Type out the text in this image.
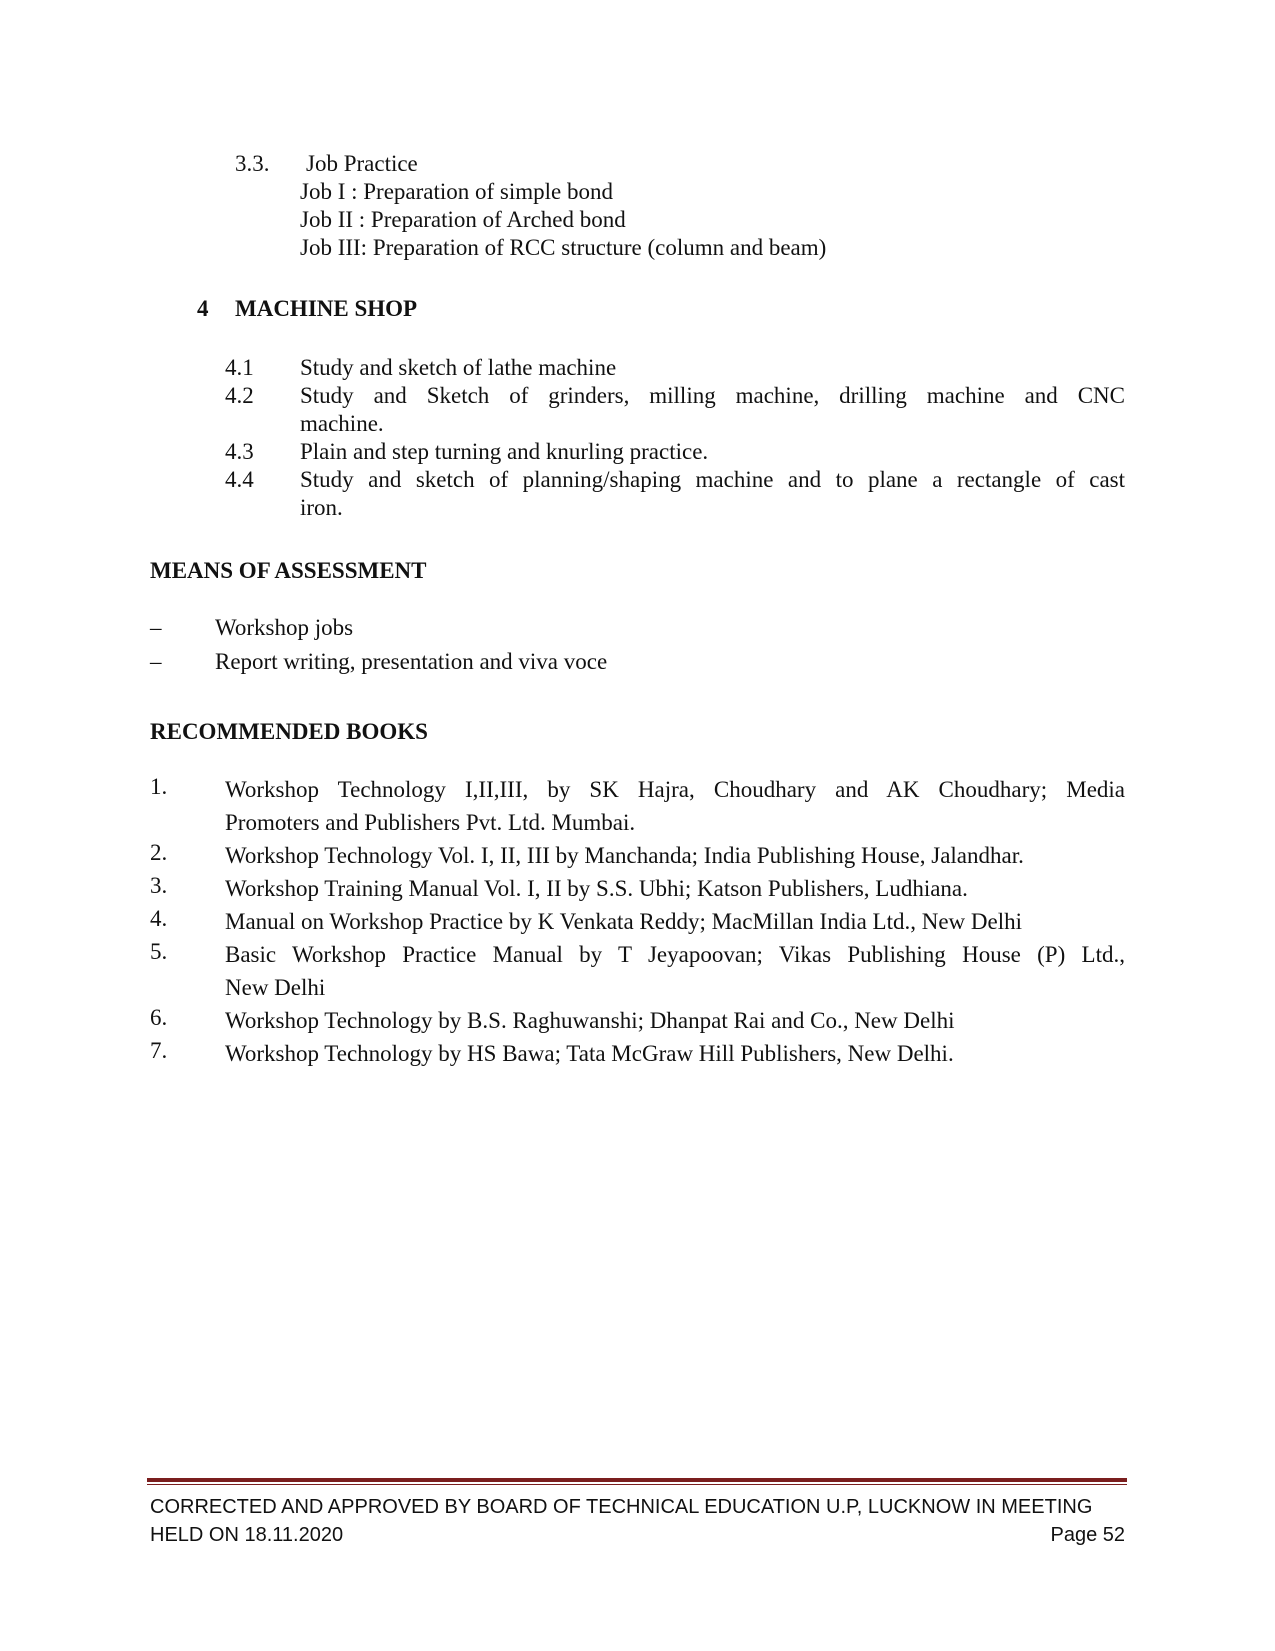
3.3. Job Practice
Job I : Preparation of simple bond
Job II : Preparation of Arched bond
Job III: Preparation of RCC structure (column and beam)
4 MACHINE SHOP
4.1 Study and sketch of lathe machine
4.2 Study and Sketch of grinders, milling machine, drilling machine and CNC
machine.
4.3 Plain and step turning and knurling practice.
4.4 Study and sketch of planning/shaping machine and to plane a rectangle of cast
iron.
MEANS OF ASSESSMENT
– Workshop jobs
– Report writing, presentation and viva voce
RECOMMENDED BOOKS
1.	Workshop Technology I,II,III, by SK Hajra, Choudhary and AK Choudhary; Media
Promoters and Publishers Pvt. Ltd. Mumbai.
2.	Workshop Technology Vol. I, II, III by Manchanda; India Publishing House, Jalandhar.
3.	Workshop Training Manual Vol. I, II by S.S. Ubhi; Katson Publishers, Ludhiana.
4.	Manual on Workshop Practice by K Venkata Reddy; MacMillan India Ltd., New Delhi
5.	Basic Workshop Practice Manual by T Jeyapoovan; Vikas Publishing House (P) Ltd.,
New Delhi
6.	Workshop Technology by B.S. Raghuwanshi; Dhanpat Rai and Co., New Delhi
7.	Workshop Technology by HS Bawa; Tata McGraw Hill Publishers, New Delhi.
CORRECTED AND APPROVED BY BOARD OF TECHNICAL EDUCATION U.P, LUCKNOW IN MEETING
HELD ON 18.11.2020	Page 52
